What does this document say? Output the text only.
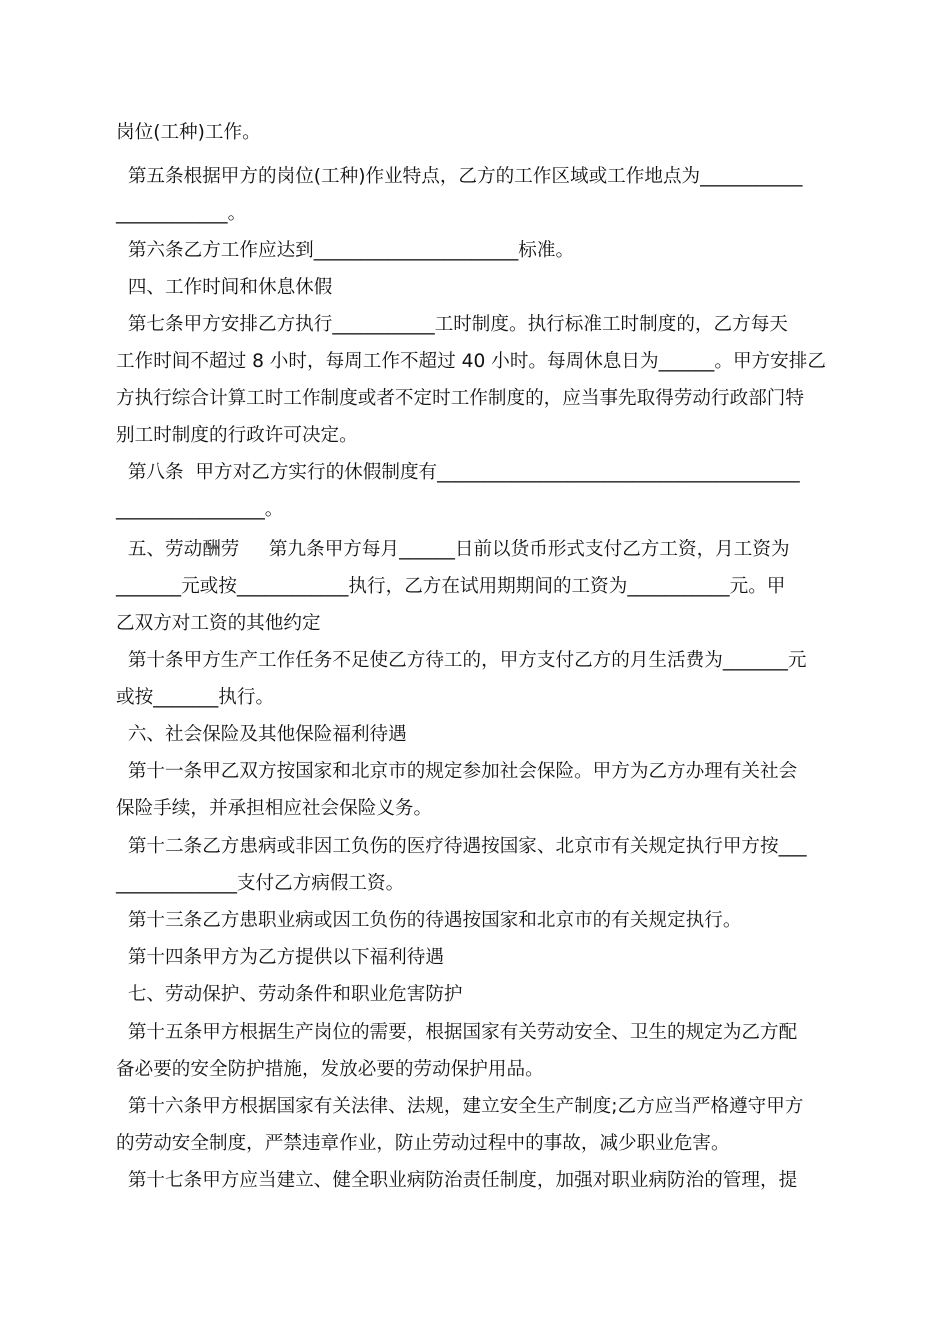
岗位(工种)工作。
第五条根据甲方的岗位(工种)作业特点，乙方的工作区域或工作地点为___________
____________。
第六条乙方工作应达到______________________标准。
四、工作时间和休息休假
第七条甲方安排乙方执行___________工时制度。执行标准工时制度的，乙方每天
工作时间不超过 8 小时，每周工作不超过 40 小时。每周休息日为______。甲方安排乙
方执行综合计算工时工作制度或者不定时工作制度的，应当事先取得劳动行政部门特
别工时制度的行政许可决定。
第八条  甲方对乙方实行的休假制度有_______________________________________
________________。
五、劳动酬劳     第九条甲方每月______日前以货币形式支付乙方工资，月工资为
_______元或按____________执行，乙方在试用期期间的工资为___________元。甲
乙双方对工资的其他约定
第十条甲方生产工作任务不足使乙方待工的，甲方支付乙方的月生活费为_______元
或按_______执行。
六、社会保险及其他保险福利待遇
第十一条甲乙双方按国家和北京市的规定参加社会保险。甲方为乙方办理有关社会
保险手续，并承担相应社会保险义务。
第十二条乙方患病或非因工负伤的医疗待遇按国家、北京市有关规定执行甲方按___
_____________支付乙方病假工资。
第十三条乙方患职业病或因工负伤的待遇按国家和北京市的有关规定执行。
第十四条甲方为乙方提供以下福利待遇
七、劳动保护、劳动条件和职业危害防护
第十五条甲方根据生产岗位的需要，根据国家有关劳动安全、卫生的规定为乙方配
备必要的安全防护措施，发放必要的劳动保护用品。
第十六条甲方根据国家有关法律、法规，建立安全生产制度;乙方应当严格遵守甲方
的劳动安全制度，严禁违章作业，防止劳动过程中的事故，减少职业危害。
第十七条甲方应当建立、健全职业病防治责任制度，加强对职业病防治的管理，提
